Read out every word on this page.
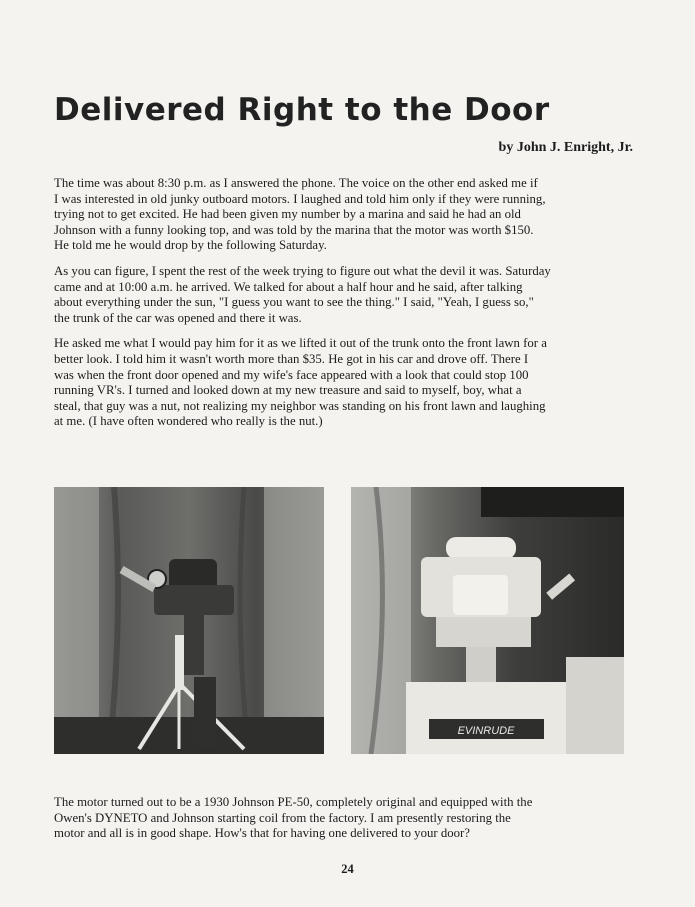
Delivered Right to the Door
by John J. Enright, Jr.

The time was about 8:30 p.m. as I answered the phone. The voice on the other end asked me if
I was interested in old junky outboard motors. I laughed and told him only if they were running,
trying not to get excited. He had been given my number by a marina and said he had an old
Johnson with a funny looking top, and was told by the marina that the motor was worth $150.
He told me he would drop by the following Saturday.

As you can figure, I spent the rest of the week trying to figure out what the devil it was. Saturday
came and at 10:00 a.m. he arrived. We talked for about a half hour and he said, after talking
about everything under the sun, "I guess you want to see the thing." I said, "Yeah, I guess so,"
the trunk of the car was opened and there it was.

He asked me what I would pay him for it as we lifted it out of the trunk onto the front lawn for a
better look. I told him it wasn't worth more than $35. He got in his car and drove off. There I
was when the front door opened and my wife's face appeared with a look that could stop 100
running VR's. I turned and looked down at my new treasure and said to myself, boy, what a
steal, that guy was a nut, not realizing my neighbor was standing on his front lawn and laughing
at me. (I have often wondered who really is the nut.)

EVINRUDE

The motor turned out to be a 1930 Johnson PE-50, completely original and equipped with the
Owen's DYNETO and Johnson starting coil from the factory. I am presently restoring the
motor and all is in good shape. How's that for having one delivered to your door?

24
